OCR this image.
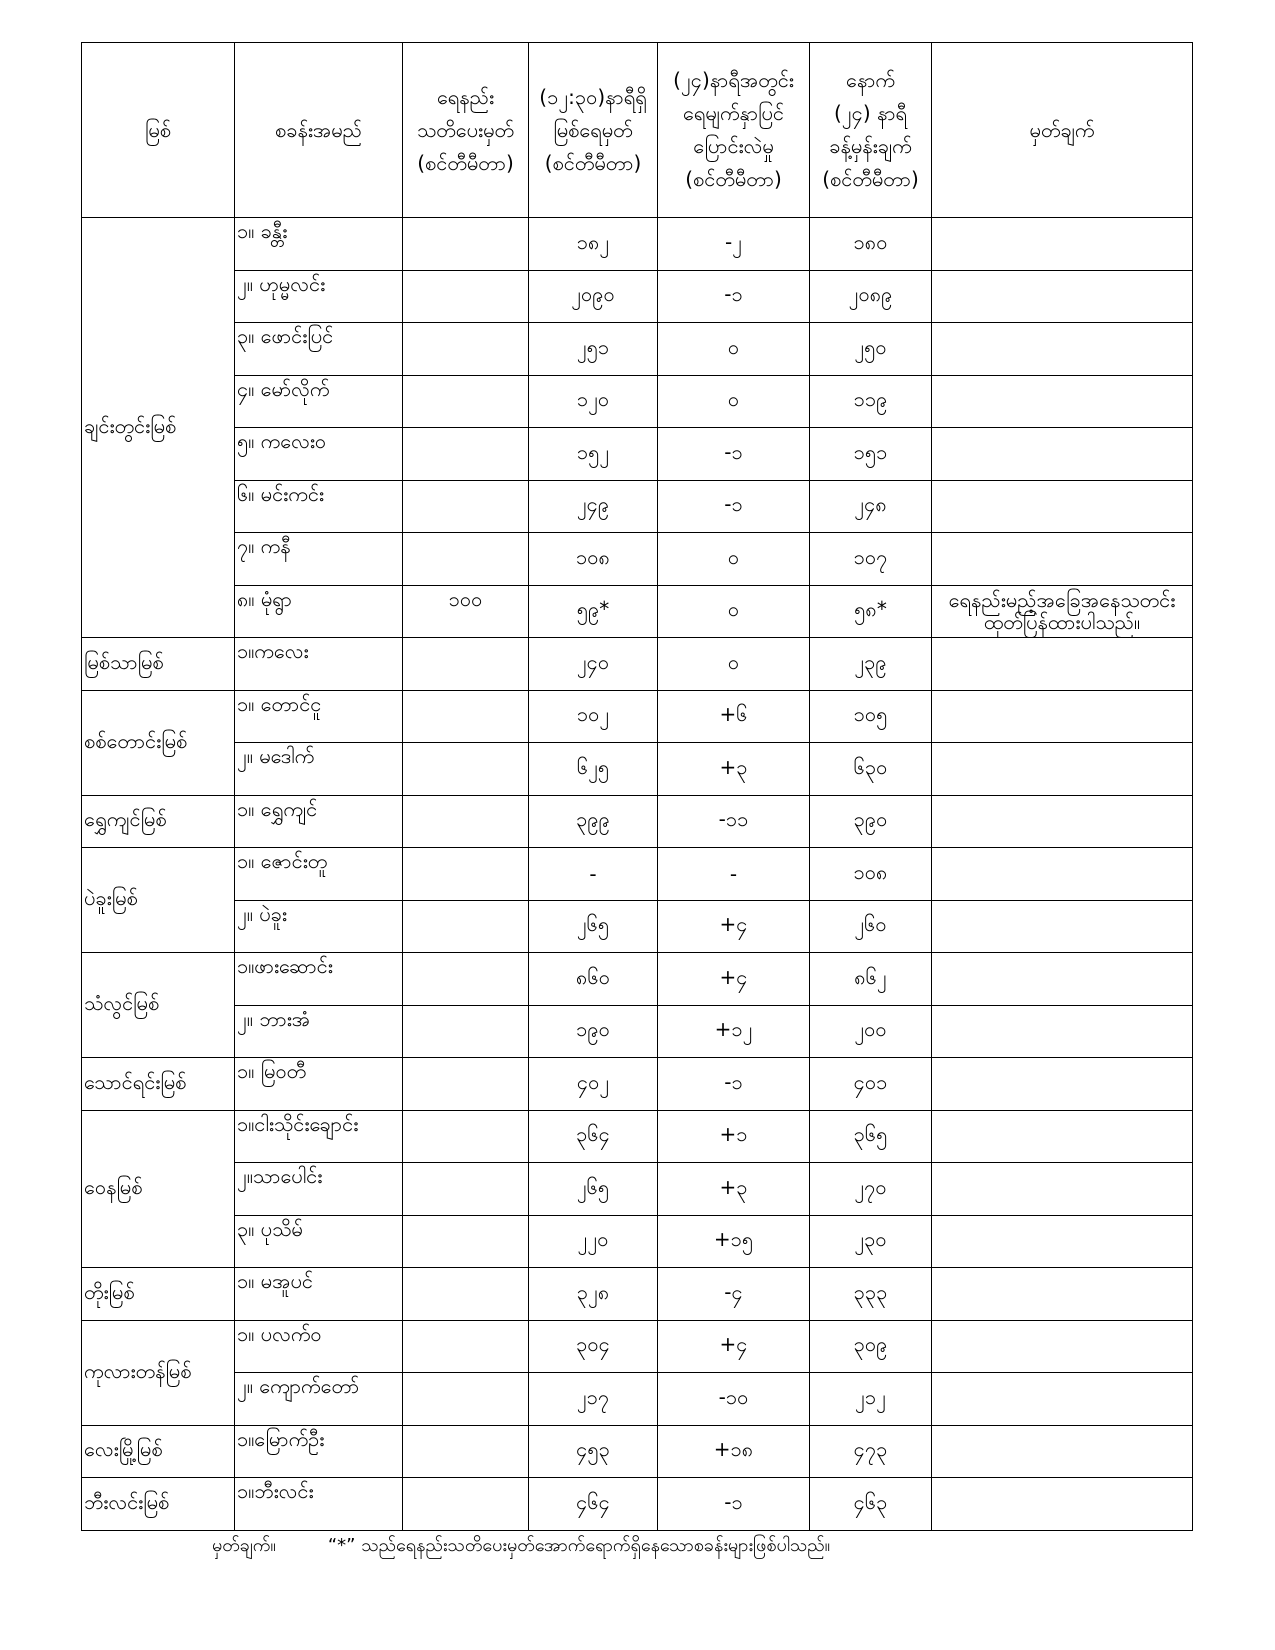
မြစ်	စခန်းအမည်	ရေနည်း
သတိပေးမှတ်
(စင်တီမီတာ)	(၁၂:၃၀)နာရီရှိ
မြစ်ရေမှတ်
(စင်တီမီတာ)	(၂၄)နာရီအတွင်း
ရေမျက်နှာပြင်
ပြောင်းလဲမှု
(စင်တီမီတာ)	နောက်
(၂၄) နာရီ
ခန့်မှန်းချက်
(စင်တီမီတာ)	မှတ်ချက်

ချင်းတွင်းမြစ်	၁။ ခန္တီး		၁၈၂	-၂	၁၈၀	
	၂။ ဟုမ္မလင်း		၂၀၉၀	-၁	၂၀၈၉	
	၃။ ဖောင်းပြင်		၂၅၁	၀	၂၅၀	
	၄။ မော်လိုက်		၁၂၀	၀	၁၁၉	
	၅။ ကလေးဝ		၁၅၂	-၁	၁၅၁	
	၆။ မင်းကင်း		၂၄၉	-၁	၂၄၈	
	၇။ ကနီ		၁၀၈	၀	၁၀၇	
	၈။ မုံရွာ	၁၀၀	၅၉*	၀	၅၈*	ရေနည်းမည့်အခြေအနေသတင်း
ထုတ်ပြန်ထားပါသည်။

မြစ်သာမြစ်	၁။ကလေး		၂၄၀	၀	၂၃၉	
စစ်တောင်းမြစ်	၁။ တောင်ငူ		၁၀၂	+၆	၁၀၅	
	၂။ မဒေါက်		၆၂၅	+၃	၆၃၀	
ရွှေကျင်မြစ်	၁။ ရွှေကျင်		၃၉၉	-၁၁	၃၉၀	
ပဲခူးမြစ်	၁။ ဇောင်းတူ		-	-	၁၀၈	
	၂။ ပဲခူး		၂၆၅	+၄	၂၆၀	
သံလွင်မြစ်	၁။ဖားဆောင်း		၈၆၀	+၄	၈၆၂	
	၂။ ဘားအံ		၁၉၀	+၁၂	၂၀၀	
သောင်ရင်းမြစ်	၁။ မြဝတီ		၄၀၂	-၁	၄၀၁	
ဝေနမြစ်	၁။ငါးသိုင်းချောင်း		၃၆၄	+၁	၃၆၅	
	၂။သာပေါင်း		၂၆၅	+၃	၂၇၀	
	၃။ ပုသိမ်		၂၂၀	+၁၅	၂၃၀	
တိုးမြစ်	၁။ မအူပင်		၃၂၈	-၄	၃၃၃	
ကုလားတန်မြစ်	၁။ ပလက်ဝ		၃၀၄	+၄	၃၀၉	
	၂။ ကျောက်တော်		၂၁၇	-၁၀	၂၁၂	
လေးမြို့မြစ်	၁။မြောက်ဦး		၄၅၃	+၁၈	၄၇၃	
ဘီးလင်းမြစ်	၁။ဘီးလင်း		၄၆၄	-၁	၄၆၃	
မှတ်ချက်။	“*” သည်ရေနည်းသတိပေးမှတ်အောက်ရောက်ရှိနေသောစခန်းများဖြစ်ပါသည်။
